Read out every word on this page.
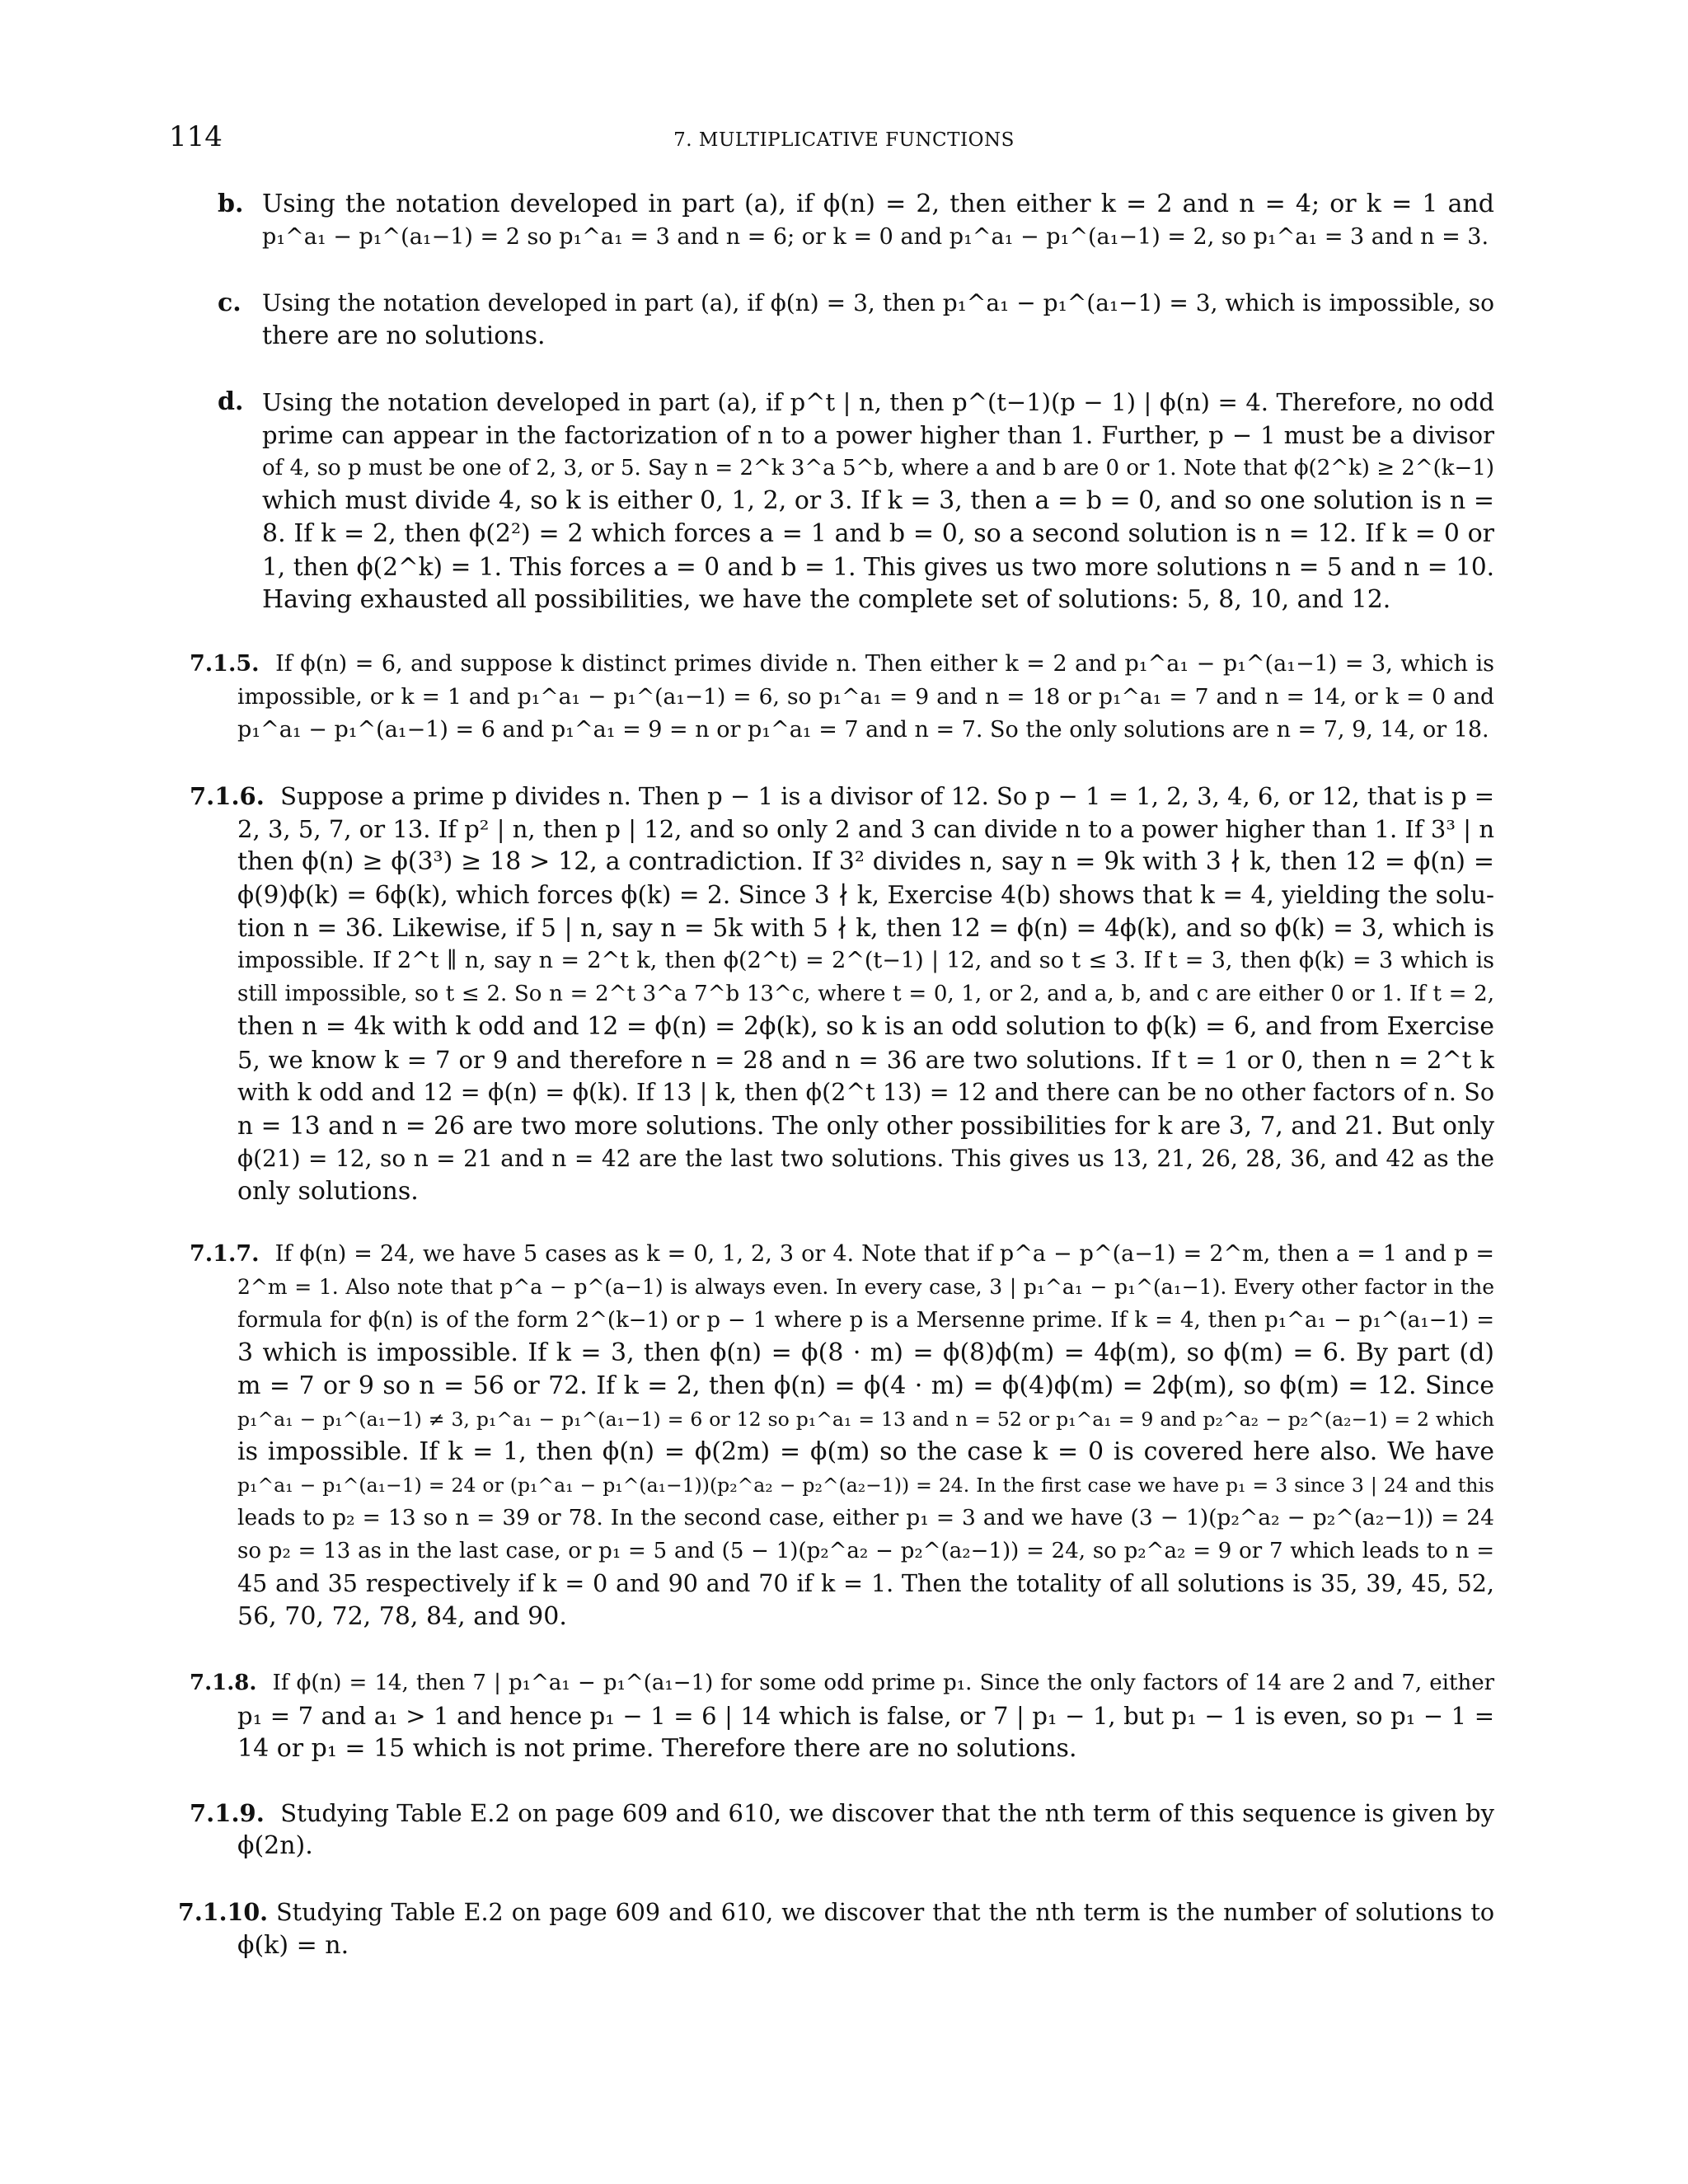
114	7. MULTIPLICATIVE FUNCTIONS
b. Using the notation developed in part (a), if ϕ(n) = 2, then either k = 2 and n = 4; or k = 1 and
p₁^a₁ − p₁^(a₁−1) = 2 so p₁^a₁ = 3 and n = 6; or k = 0 and p₁^a₁ − p₁^(a₁−1) = 2, so p₁^a₁ = 3 and n = 3.
c. Using the notation developed in part (a), if ϕ(n) = 3, then p₁^a₁ − p₁^(a₁−1) = 3, which is impossible, so
there are no solutions.
d. Using the notation developed in part (a), if p^t | n, then p^(t−1)(p − 1) | ϕ(n) = 4. Therefore, no odd
prime can appear in the factorization of n to a power higher than 1. Further, p − 1 must be a divisor
of 4, so p must be one of 2, 3, or 5. Say n = 2^k 3^a 5^b, where a and b are 0 or 1. Note that ϕ(2^k) ≥ 2^(k−1)
which must divide 4, so k is either 0, 1, 2, or 3. If k = 3, then a = b = 0, and so one solution is n =
8. If k = 2, then ϕ(2²) = 2 which forces a = 1 and b = 0, so a second solution is n = 12. If k = 0 or
1, then ϕ(2^k) = 1. This forces a = 0 and b = 1. This gives us two more solutions n = 5 and n = 10.
Having exhausted all possibilities, we have the complete set of solutions: 5, 8, 10, and 12.
7.1.5. If ϕ(n) = 6, and suppose k distinct primes divide n. Then either k = 2 and p₁^a₁ − p₁^(a₁−1) = 3, which is
impossible, or k = 1 and p₁^a₁ − p₁^(a₁−1) = 6, so p₁^a₁ = 9 and n = 18 or p₁^a₁ = 7 and n = 14, or k = 0 and
p₁^a₁ − p₁^(a₁−1) = 6 and p₁^a₁ = 9 = n or p₁^a₁ = 7 and n = 7. So the only solutions are n = 7, 9, 14, or 18.
7.1.6. Suppose a prime p divides n. Then p − 1 is a divisor of 12. So p − 1 = 1, 2, 3, 4, 6, or 12, that is p =
2, 3, 5, 7, or 13. If p² | n, then p | 12, and so only 2 and 3 can divide n to a power higher than 1. If 3³ | n
then ϕ(n) ≥ ϕ(3³) ≥ 18 > 12, a contradiction. If 3² divides n, say n = 9k with 3 ∤ k, then 12 = ϕ(n) =
ϕ(9)ϕ(k) = 6ϕ(k), which forces ϕ(k) = 2. Since 3 ∤ k, Exercise 4(b) shows that k = 4, yielding the solu-
tion n = 36. Likewise, if 5 | n, say n = 5k with 5 ∤ k, then 12 = ϕ(n) = 4ϕ(k), and so ϕ(k) = 3, which is
impossible. If 2^t ∥ n, say n = 2^t k, then ϕ(2^t) = 2^(t−1) | 12, and so t ≤ 3. If t = 3, then ϕ(k) = 3 which is
still impossible, so t ≤ 2. So n = 2^t 3^a 7^b 13^c, where t = 0, 1, or 2, and a, b, and c are either 0 or 1. If t = 2,
then n = 4k with k odd and 12 = ϕ(n) = 2ϕ(k), so k is an odd solution to ϕ(k) = 6, and from Exercise
5, we know k = 7 or 9 and therefore n = 28 and n = 36 are two solutions. If t = 1 or 0, then n = 2^t k
with k odd and 12 = ϕ(n) = ϕ(k). If 13 | k, then ϕ(2^t 13) = 12 and there can be no other factors of n. So
n = 13 and n = 26 are two more solutions. The only other possibilities for k are 3, 7, and 21. But only
ϕ(21) = 12, so n = 21 and n = 42 are the last two solutions. This gives us 13, 21, 26, 28, 36, and 42 as the
only solutions.
7.1.7. If ϕ(n) = 24, we have 5 cases as k = 0, 1, 2, 3 or 4. Note that if p^a − p^(a−1) = 2^m, then a = 1 and p =
2^m = 1. Also note that p^a − p^(a−1) is always even. In every case, 3 | p₁^a₁ − p₁^(a₁−1). Every other factor in the
formula for ϕ(n) is of the form 2^(k−1) or p − 1 where p is a Mersenne prime. If k = 4, then p₁^a₁ − p₁^(a₁−1) =
3 which is impossible. If k = 3, then ϕ(n) = ϕ(8 · m) = ϕ(8)ϕ(m) = 4ϕ(m), so ϕ(m) = 6. By part (d)
m = 7 or 9 so n = 56 or 72. If k = 2, then ϕ(n) = ϕ(4 · m) = ϕ(4)ϕ(m) = 2ϕ(m), so ϕ(m) = 12. Since
p₁^a₁ − p₁^(a₁−1) ≠ 3, p₁^a₁ − p₁^(a₁−1) = 6 or 12 so p₁^a₁ = 13 and n = 52 or p₁^a₁ = 9 and p₂^a₂ − p₂^(a₂−1) = 2 which
is impossible. If k = 1, then ϕ(n) = ϕ(2m) = ϕ(m) so the case k = 0 is covered here also. We have
p₁^a₁ − p₁^(a₁−1) = 24 or (p₁^a₁ − p₁^(a₁−1))(p₂^a₂ − p₂^(a₂−1)) = 24. In the first case we have p₁ = 3 since 3 | 24 and this
leads to p₂ = 13 so n = 39 or 78. In the second case, either p₁ = 3 and we have (3 − 1)(p₂^a₂ − p₂^(a₂−1)) = 24
so p₂ = 13 as in the last case, or p₁ = 5 and (5 − 1)(p₂^a₂ − p₂^(a₂−1)) = 24, so p₂^a₂ = 9 or 7 which leads to n =
45 and 35 respectively if k = 0 and 90 and 70 if k = 1. Then the totality of all solutions is 35, 39, 45, 52,
56, 70, 72, 78, 84, and 90.
7.1.8. If ϕ(n) = 14, then 7 | p₁^a₁ − p₁^(a₁−1) for some odd prime p₁. Since the only factors of 14 are 2 and 7, either
p₁ = 7 and a₁ > 1 and hence p₁ − 1 = 6 | 14 which is false, or 7 | p₁ − 1, but p₁ − 1 is even, so p₁ − 1 =
14 or p₁ = 15 which is not prime. Therefore there are no solutions.
7.1.9. Studying Table E.2 on page 609 and 610, we discover that the nth term of this sequence is given by
ϕ(2n).
7.1.10. Studying Table E.2 on page 609 and 610, we discover that the nth term is the number of solutions to
ϕ(k) = n.
